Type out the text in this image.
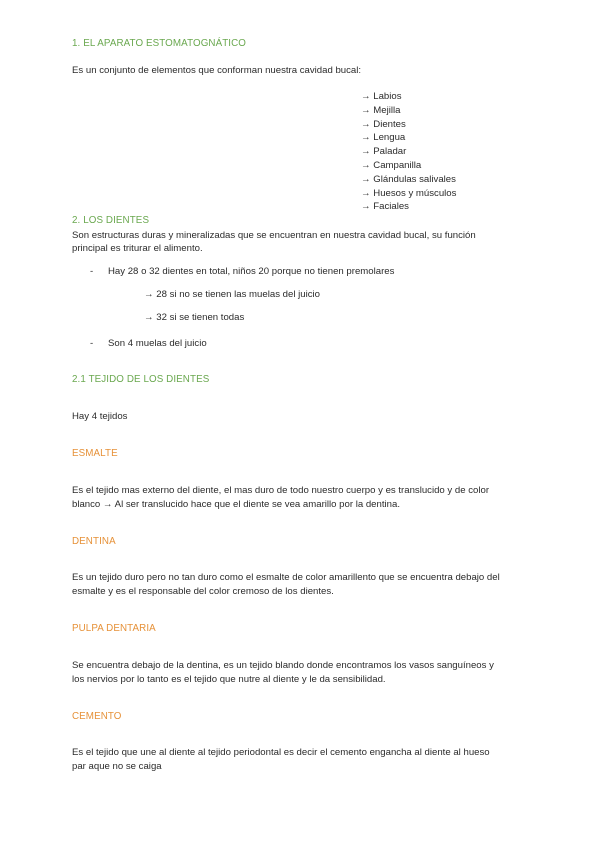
1. EL APARATO ESTOMATOGNÁTICO
Es un conjunto de elementos que conforman nuestra cavidad bucal:
→ Labios
→ Mejilla
→ Dientes
→ Lengua
→ Paladar
→ Campanilla
→ Glándulas salivales
→ Huesos y músculos
→ Faciales
2. LOS DIENTES
Son estructuras duras y mineralizadas que se encuentran en nuestra cavidad bucal, su función
principal es triturar el alimento.
- Hay 28 o 32 dientes en total, niños 20 porque no tienen premolares
→ 28 si no se tienen las muelas del juicio
→ 32 si se tienen todas
- Son 4 muelas del juicio
2.1 TEJIDO DE LOS DIENTES
Hay 4 tejidos
ESMALTE
Es el tejido mas externo del diente, el mas duro de todo nuestro cuerpo y es translucido y de color
blanco → Al ser translucido hace que el diente se vea amarillo por la dentina.
DENTINA
Es un tejido duro pero no tan duro como el esmalte de color amarillento que se encuentra debajo del
esmalte y es el responsable del color cremoso de los dientes.
PULPA DENTARIA
Se encuentra debajo de la dentina, es un tejido blando donde encontramos los vasos sanguíneos y
los nervios por lo tanto es el tejido que nutre al diente y le da sensibilidad.
CEMENTO
Es el tejido que une al diente al tejido periodontal es decir el cemento engancha al diente al hueso
par aque no se caiga
